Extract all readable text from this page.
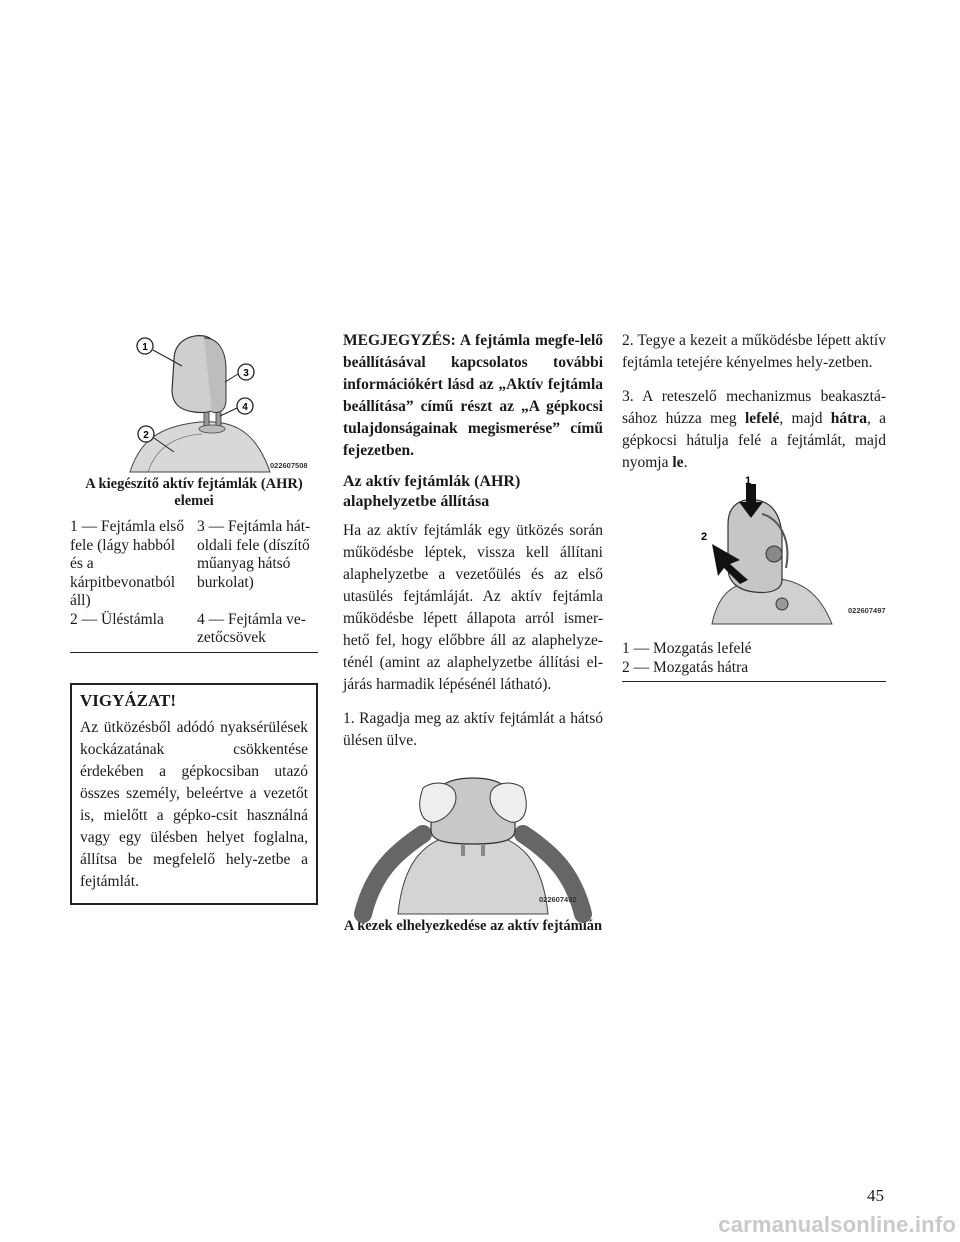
1
3
4
2
022607508
A kiegészítő aktív fejtámlák (AHR) elemei
1 — Fejtámla első fele (lágy habból és a kárpitbevonatból áll)
3 — Fejtámla hát-oldali fele (díszítő műanyag hátsó burkolat)
2 — Üléstámla	4 — Fejtámla ve-zetőcsövek
VIGYÁZAT!

Az ütközésből adódó nyaksérülések kockázatának csökkentése érdekében a gépkocsiban utazó összes személy, beleértve a vezetőt is, mielőtt a gépko-csit használná vagy egy ülésben helyet foglalna, állítsa be megfelelő hely-zetbe a fejtámlát.

MEGJEGYZÉS: A fejtámla megfe-lelő beállításával kapcsolatos további információkért lásd az „Aktív fejtámla beállítása” című részt az „A gépkocsi tulajdonságainak megismerése” című fejezetben.

Az aktív fejtámlák (AHR) alaphelyzetbe állítása

Ha az aktív fejtámlák egy ütközés során működésbe léptek, vissza kell állítani alaphelyzetbe a vezetőülés és az első utasülés fejtámláját. Az aktív fejtámla működésbe lépett állapota arról ismer-hető fel, hogy előbbre áll az alaphelyze-ténél (amint az alaphelyzetbe állítási el-járás harmadik lépésénél látható).

1. Ragadja meg az aktív fejtámlát a hátsó ülésen ülve.

022607492
A kezek elhelyezkedése az aktív fejtámlán

2. Tegye a kezeit a működésbe lépett aktív fejtámla tetejére kényelmes hely-zetben.

3. A reteszelő mechanizmus beakasztá-sához húzza meg lefelé, majd hátra, a gépkocsi hátulja felé a fejtámlát, majd nyomja le.

1
2
022607497
1 — Mozgatás lefelé
2 — Mozgatás hátra
45
carmanualsonline.info
